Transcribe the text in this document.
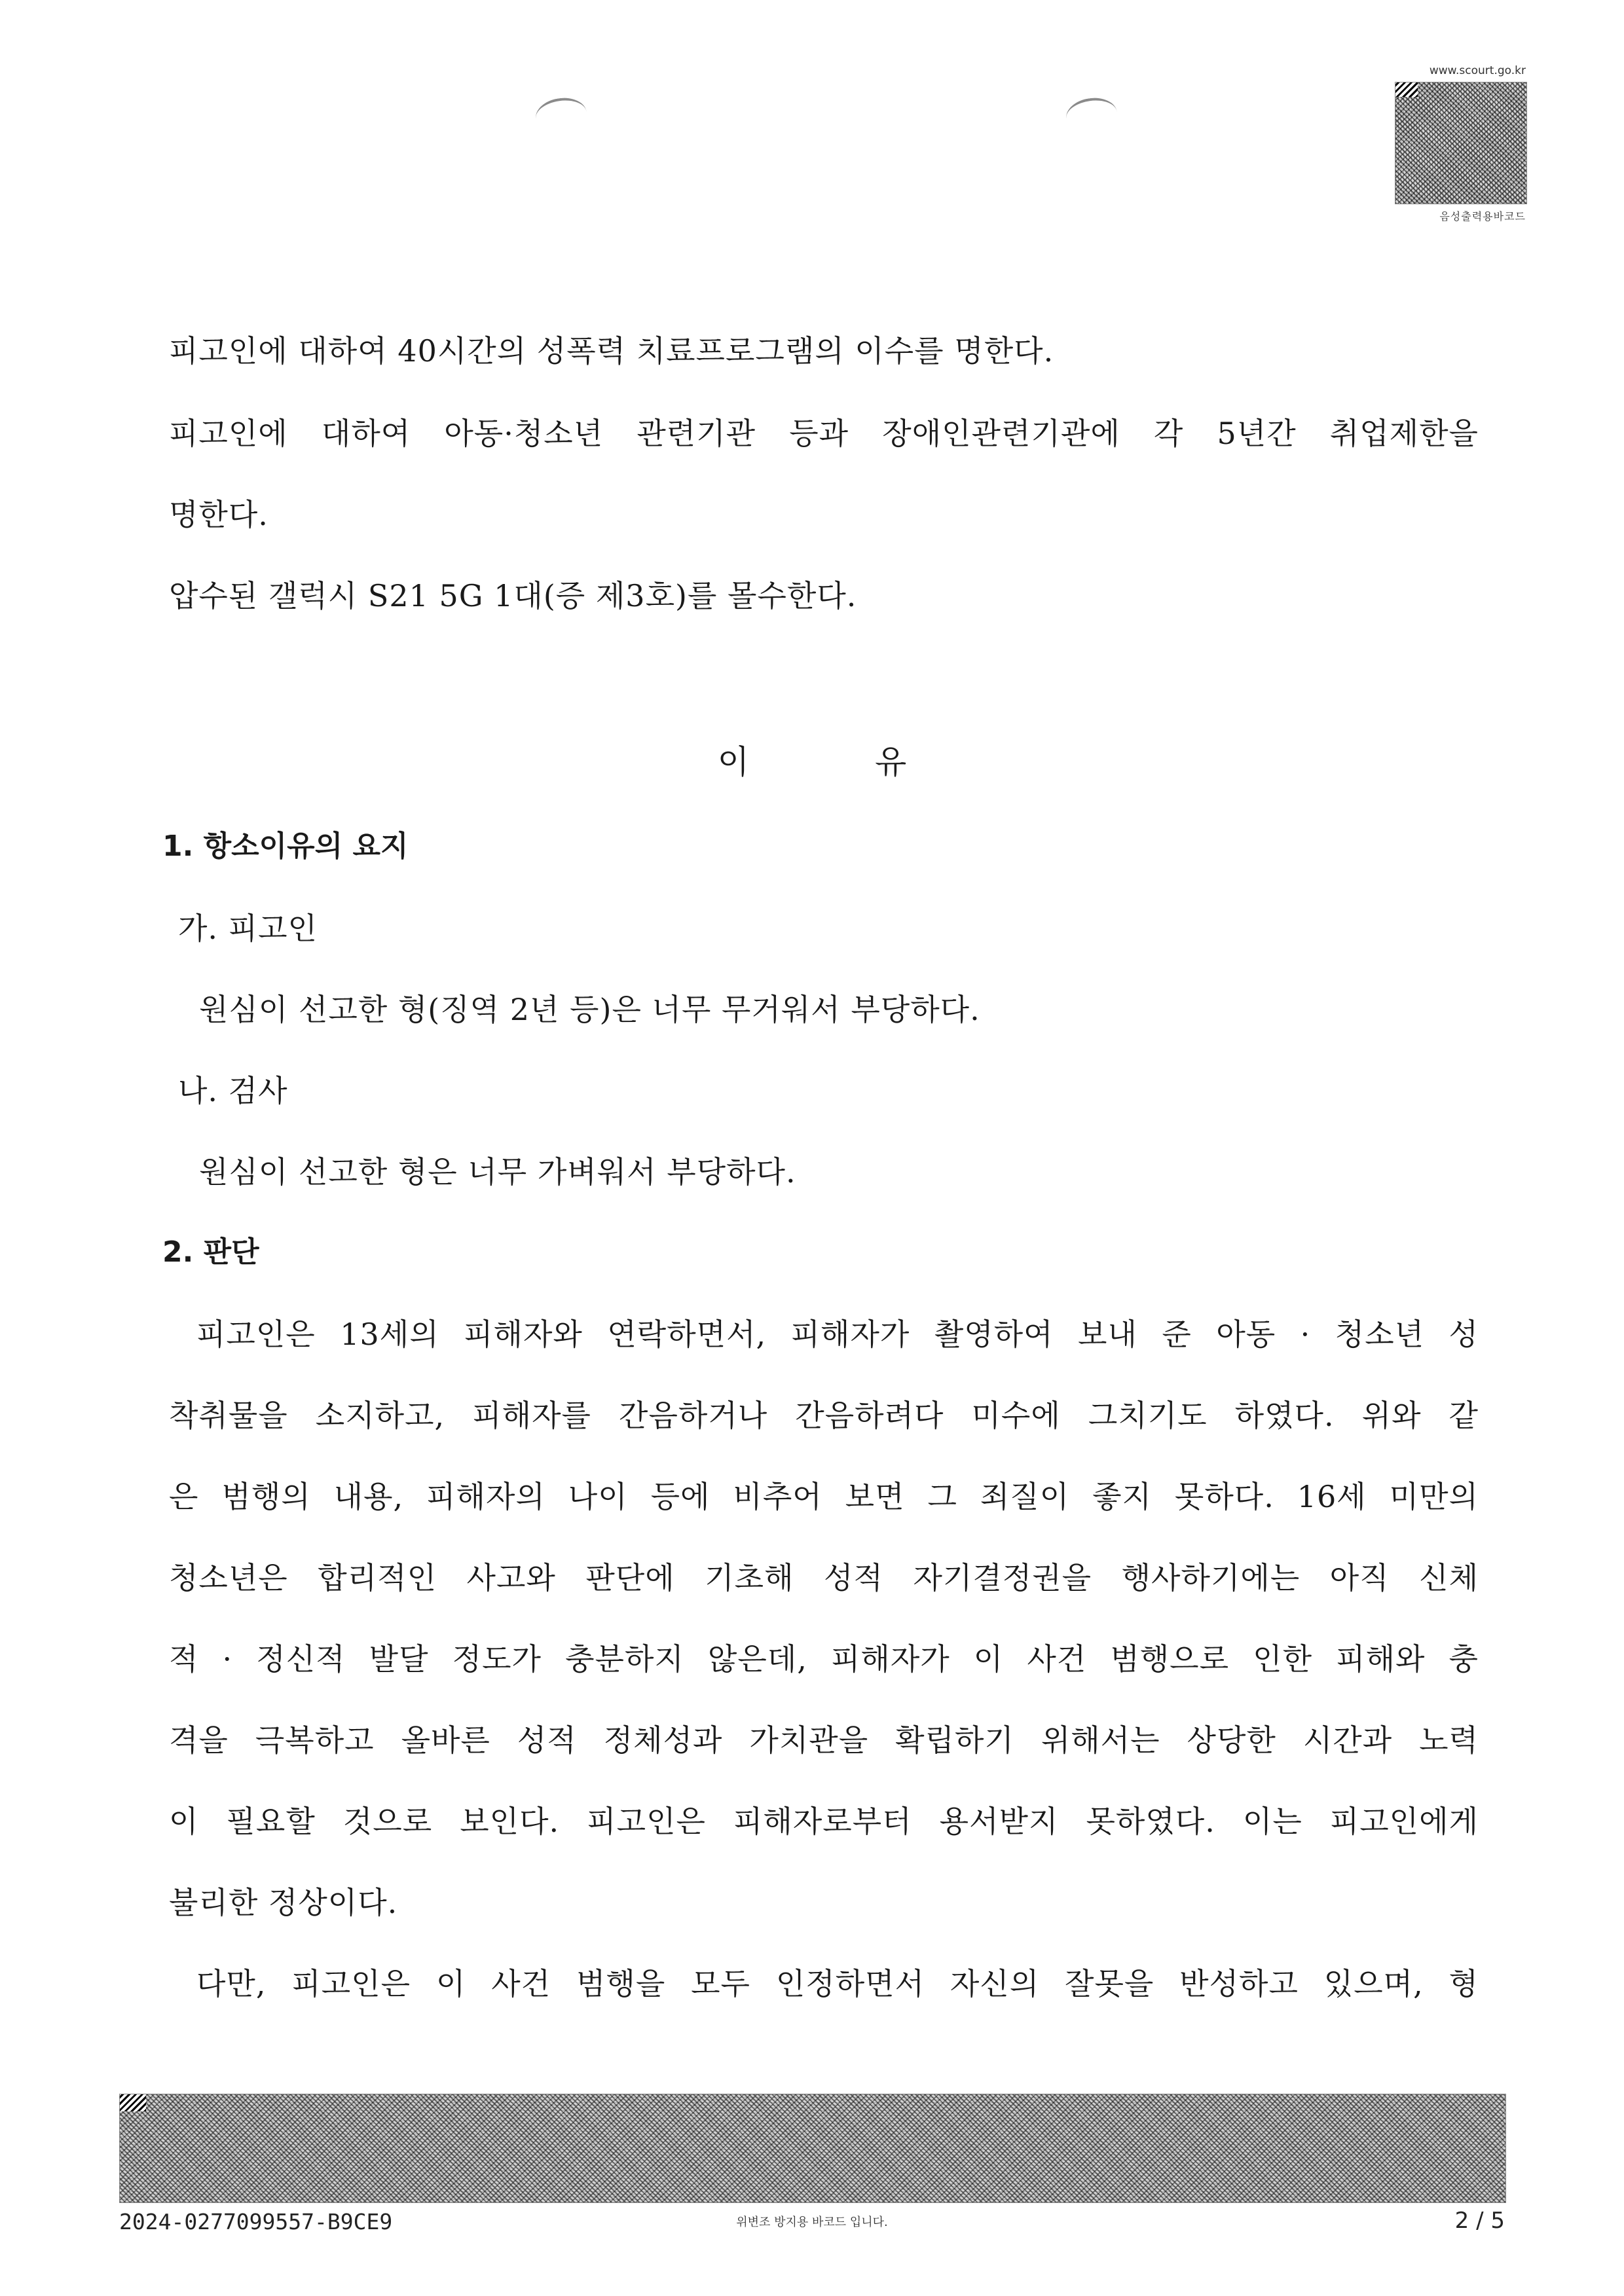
www.scourt.go.kr
음성출력용바코드
피고인에 대하여 40시간의 성폭력 치료프로그램의 이수를 명한다.
피고인에 대하여 아동·청소년 관련기관 등과 장애인관련기관에 각 5년간 취업제한을
명한다.
압수된 갤럭시 S21 5G 1대(증 제3호)를 몰수한다.
이	유
1. 항소이유의 요지
가. 피고인
원심이 선고한 형(징역 2년 등)은 너무 무거워서 부당하다.
나. 검사
원심이 선고한 형은 너무 가벼워서 부당하다.
2. 판단
피고인은 13세의 피해자와 연락하면서, 피해자가 촬영하여 보내 준 아동 · 청소년 성
착취물을 소지하고, 피해자를 간음하거나 간음하려다 미수에 그치기도 하였다. 위와 같
은 범행의 내용, 피해자의 나이 등에 비추어 보면 그 죄질이 좋지 못하다. 16세 미만의
청소년은 합리적인 사고와 판단에 기초해 성적 자기결정권을 행사하기에는 아직 신체
적 · 정신적 발달 정도가 충분하지 않은데, 피해자가 이 사건 범행으로 인한 피해와 충
격을 극복하고 올바른 성적 정체성과 가치관을 확립하기 위해서는 상당한 시간과 노력
이 필요할 것으로 보인다. 피고인은 피해자로부터 용서받지 못하였다. 이는 피고인에게
불리한 정상이다.
다만, 피고인은 이 사건 범행을 모두 인정하면서 자신의 잘못을 반성하고 있으며, 형
2024-0277099557-B9CE9	위변조 방지용 바코드 입니다.	2 / 5
